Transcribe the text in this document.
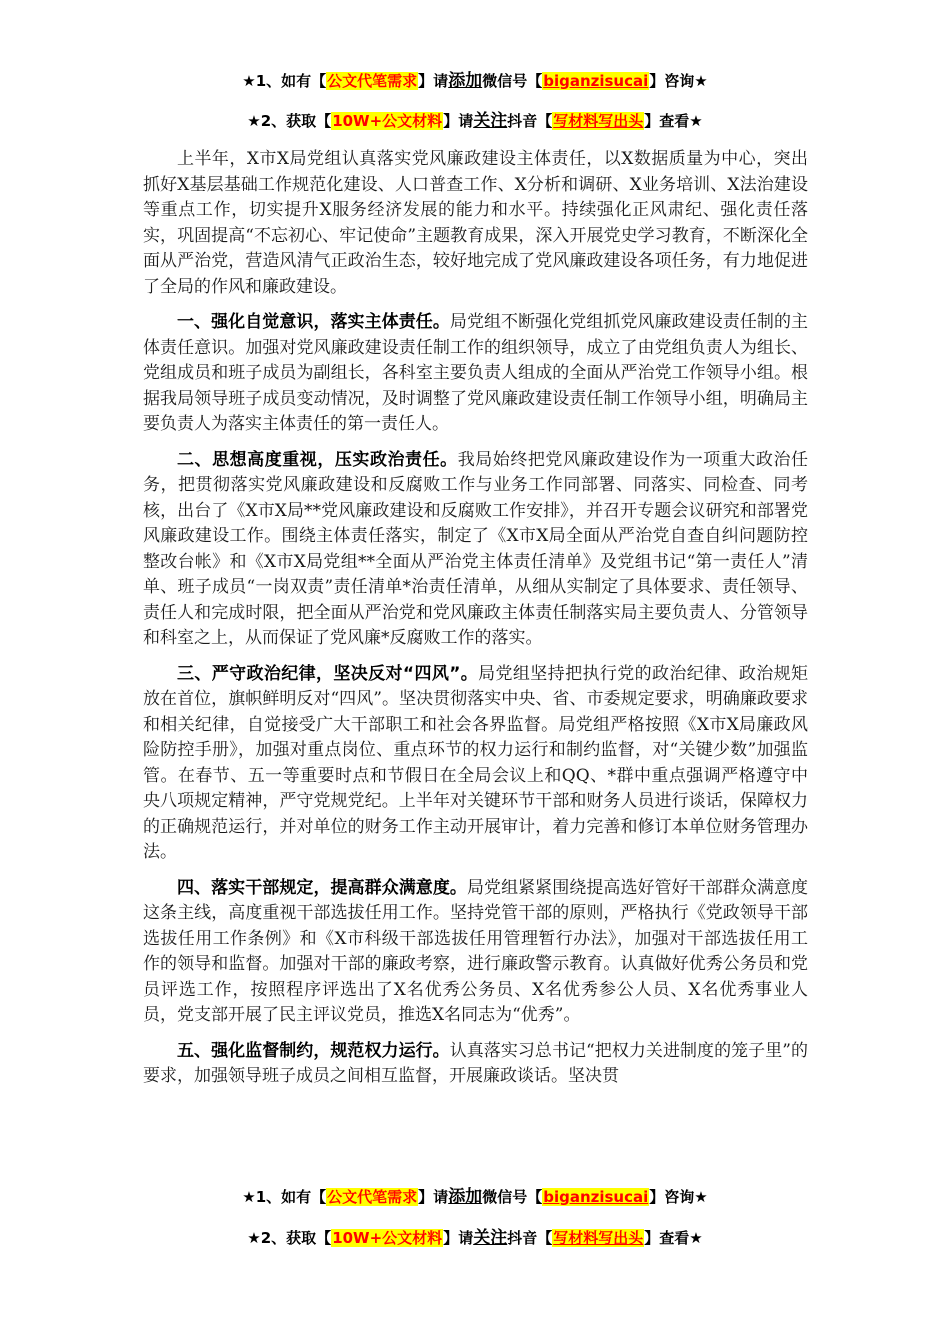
★1、如有【公文代笔需求】请添加微信号【biganzisucai】咨询★
★2、获取【10W+公文材料】请关注抖音【写材料写出头】查看★

上半年，X市X局党组认真落实党风廉政建设主体责任，以X数据质量为中心，突出抓好X基层基础工作规范化建设、人口普查工作、X分析和调研、X业务培训、X法治建设等重点工作，切实提升X服务经济发展的能力和水平。持续强化正风肃纪、强化责任落实，巩固提高“不忘初心、牢记使命”主题教育成果，深入开展党史学习教育，不断深化全面从严治党，营造风清气正政治生态，较好地完成了党风廉政建设各项任务，有力地促进了全局的作风和廉政建设。

一、强化自觉意识，落实主体责任。局党组不断强化党组抓党风廉政建设责任制的主体责任意识。加强对党风廉政建设责任制工作的组织领导，成立了由党组负责人为组长、党组成员和班子成员为副组长，各科室主要负责人组成的全面从严治党工作领导小组。根据我局领导班子成员变动情况，及时调整了党风廉政建设责任制工作领导小组，明确局主要负责人为落实主体责任的第一责任人。

二、思想高度重视，压实政治责任。我局始终把党风廉政建设作为一项重大政治任务，把贯彻落实党风廉政建设和反腐败工作与业务工作同部署、同落实、同检查、同考核，出台了《X市X局**党风廉政建设和反腐败工作安排》，并召开专题会议研究和部署党风廉政建设工作。围绕主体责任落实，制定了《X市X局全面从严治党自查自纠问题防控整改台帐》和《X市X局党组**全面从严治党主体责任清单》及党组书记“第一责任人”清单、班子成员“一岗双责”责任清单*治责任清单，从细从实制定了具体要求、责任领导、责任人和完成时限，把全面从严治党和党风廉政主体责任制落实局主要负责人、分管领导和科室之上，从而保证了党风廉*反腐败工作的落实。

三、严守政治纪律，坚决反对“四风”。局党组坚持把执行党的政治纪律、政治规矩放在首位，旗帜鲜明反对“四风”。坚决贯彻落实中央、省、市委规定要求，明确廉政要求和相关纪律，自觉接受广大干部职工和社会各界监督。局党组严格按照《X市X局廉政风险防控手册》，加强对重点岗位、重点环节的权力运行和制约监督，对“关键少数”加强监管。在春节、五一等重要时点和节假日在全局会议上和QQ、*群中重点强调严格遵守中央八项规定精神，严守党规党纪。上半年对关键环节干部和财务人员进行谈话，保障权力的正确规范运行，并对单位的财务工作主动开展审计，着力完善和修订本单位财务管理办法。

四、落实干部规定，提高群众满意度。局党组紧紧围绕提高选好管好干部群众满意度这条主线，高度重视干部选拔任用工作。坚持党管干部的原则，严格执行《党政领导干部选拔任用工作条例》和《X市科级干部选拔任用管理暂行办法》，加强对干部选拔任用工作的领导和监督。加强对干部的廉政考察，进行廉政警示教育。认真做好优秀公务员和党员评选工作，按照程序评选出了X名优秀公务员、X名优秀参公人员、X名优秀事业人员，党支部开展了民主评议党员，推选X名同志为“优秀”。

五、强化监督制约，规范权力运行。认真落实习总书记“把权力关进制度的笼子里”的要求，加强领导班子成员之间相互监督，开展廉政谈话。坚决贯

★1、如有【公文代笔需求】请添加微信号【biganzisucai】咨询★
★2、获取【10W+公文材料】请关注抖音【写材料写出头】查看★
